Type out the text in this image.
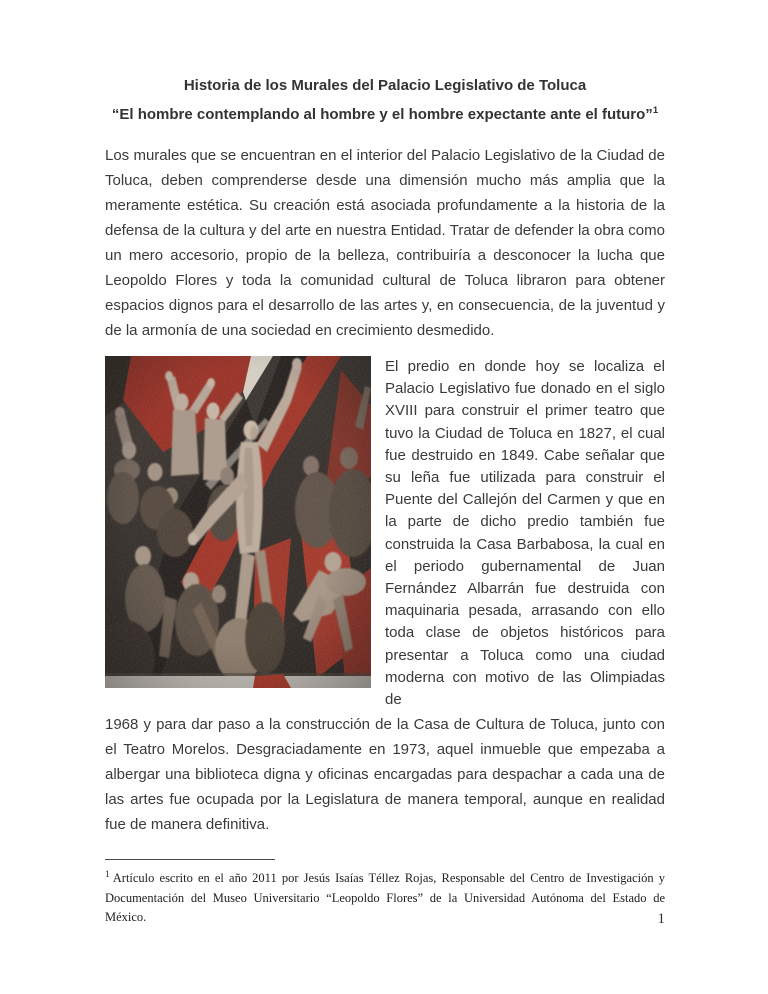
Historia de los Murales del Palacio Legislativo de Toluca
“El hombre contemplando al hombre y el hombre expectante ante el futuro”$^1$
Los murales que se encuentran en el interior del Palacio Legislativo de la Ciudad de Toluca, deben comprenderse desde una dimensión mucho más amplia que la meramente estética. Su creación está asociada profundamente a la historia de la defensa de la cultura y del arte en nuestra Entidad. Tratar de defender la obra como un mero accesorio, propio de la belleza, contribuiría a desconocer la lucha que Leopoldo Flores y toda la comunidad cultural de Toluca libraron para obtener espacios dignos para el desarrollo de las artes y, en consecuencia, de la juventud y de la armonía de una sociedad en crecimiento desmedido.
El predio en donde hoy se localiza el Palacio Legislativo fue donado en el siglo XVIII para construir el primer teatro que tuvo la Ciudad de Toluca en 1827, el cual fue destruido en 1849. Cabe señalar que su leña fue utilizada para construir el Puente del Callejón del Carmen y que en la parte de dicho predio también fue construida la Casa Barbabosa, la cual en el periodo gubernamental de Juan Fernández Albarrán fue destruida con maquinaria pesada, arrasando con ello toda clase de objetos históricos para presentar a Toluca como una ciudad moderna con motivo de las Olimpiadas de
1968 y para dar paso a la construcción de la Casa de Cultura de Toluca, junto con el Teatro Morelos. Desgraciadamente en 1973, aquel inmueble que empezaba a albergar una biblioteca digna y oficinas encargadas para despachar a cada una de las artes fue ocupada por la Legislatura de manera temporal, aunque en realidad fue de manera definitiva.
$^1$ Artículo escrito en el año 2011 por Jesús Isaías Téllez Rojas, Responsable del Centro de Investigación y Documentación del Museo Universitario “Leopoldo Flores” de la Universidad Autónoma del Estado de México.	1
